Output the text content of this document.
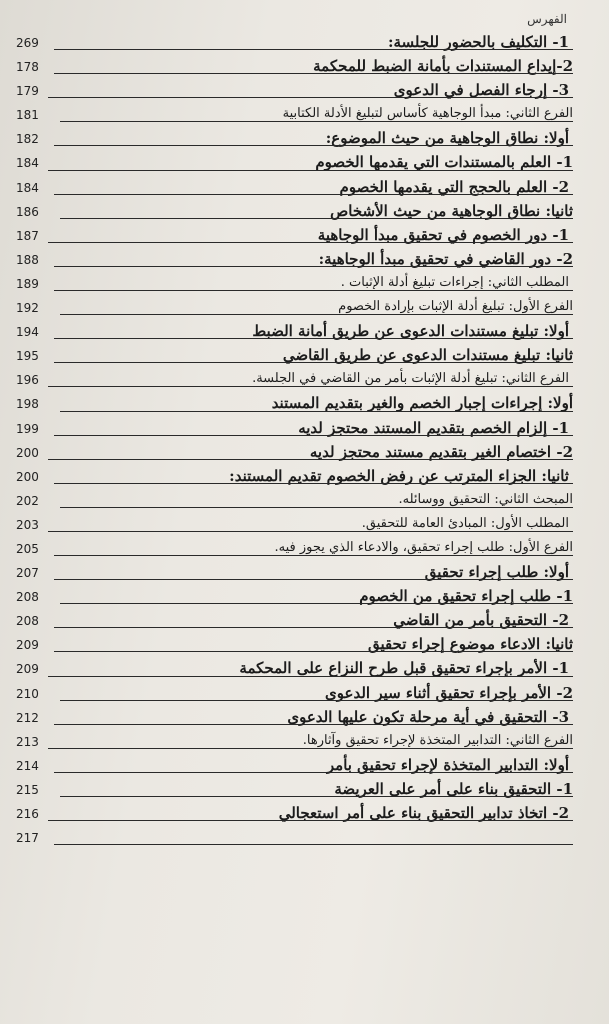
الفهرس
1- التكليف بالحضور للجلسة:
269
2-إيداع المستندات بأمانة الضبط للمحكمة
178
3- إرجاء الفصل في الدعوى
179
الفرع الثاني: مبدأ الوجاهية كأساس لتبليغ الأدلة الكتابية
181
أولا: نطاق الوجاهية من حيث الموضوع:
182
1- العلم بالمستندات التي يقدمها الخصوم
184
2- العلم بالحجج التي يقدمها الخصوم
184
ثانيا: نطاق الوجاهية من حيث الأشخاص
186
1- دور الخصوم في تحقيق مبدأ الوجاهية
187
2- دور القاضي في تحقيق مبدأ الوجاهية:
188
المطلب الثاني: إجراءات تبليغ أدلة الإثبات .
189
الفرع الأول: تبليغ أدلة الإثبات بإرادة الخصوم
192
أولا: تبليغ مستندات الدعوى عن طريق أمانة الضبط
194
ثانيا: تبليغ مستندات الدعوى عن طريق القاضي
195
الفرع الثاني: تبليغ أدلة الإثبات بأمر من القاضي في الجلسة.
196
أولا: إجراءات إجبار الخصم والغير بتقديم المستند
198
1- إلزام الخصم بتقديم المستند محتجز لديه
199
2- اختصام الغير بتقديم مستند محتجز لديه
200
ثانيا: الجزاء المترتب عن رفض الخصوم تقديم المستند:
200
المبحث الثاني: التحقيق ووسائله.
202
المطلب الأول: المبادئ العامة للتحقيق.
203
الفرع الأول: طلب إجراء تحقيق، والادعاء الذي يجوز فيه.
205
أولا: طلب إجراء تحقيق
207
1- طلب إجراء تحقيق من الخصوم
208
2- التحقيق بأمر من القاضي
208
ثانيا: الادعاء موضوع إجراء تحقيق
209
1- الأمر بإجراء تحقيق قبل طرح النزاع على المحكمة
209
2- الأمر بإجراء تحقيق أثناء سير الدعوى
210
3- التحقيق في أية مرحلة تكون عليها الدعوى
212
الفرع الثاني: التدابير المتخذة لإجراء تحقيق وآثارها.
213
أولا: التدابير المتخذة لإجراء تحقيق بأمر
214
1- التحقيق بناء على أمر على العريضة
215
2- اتخاذ تدابير التحقيق بناء على أمر استعجالي
216
217
